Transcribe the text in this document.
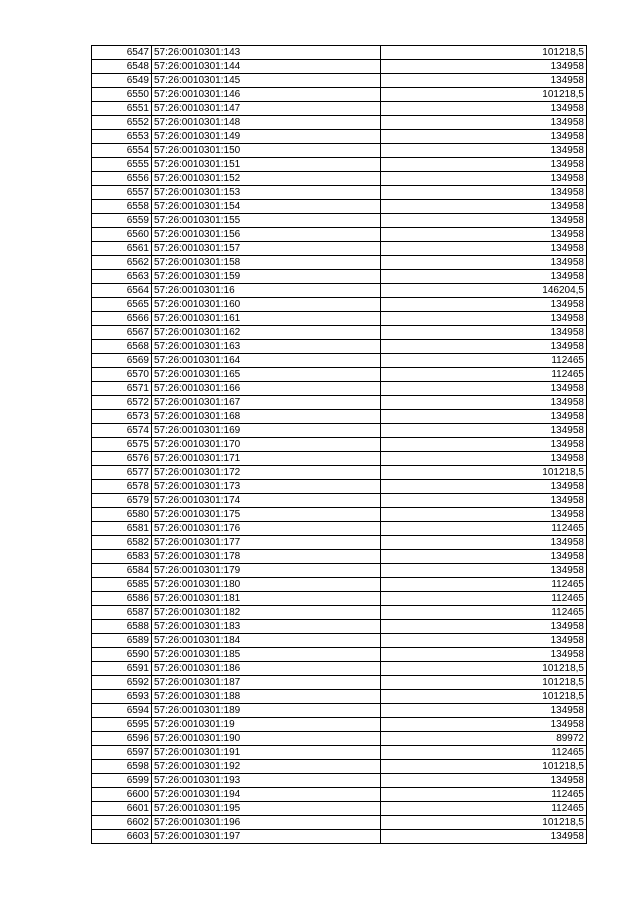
6547	57:26:0010301:143	101218,5
6548	57:26:0010301:144	134958
6549	57:26:0010301:145	134958
6550	57:26:0010301:146	101218,5
6551	57:26:0010301:147	134958
6552	57:26:0010301:148	134958
6553	57:26:0010301:149	134958
6554	57:26:0010301:150	134958
6555	57:26:0010301:151	134958
6556	57:26:0010301:152	134958
6557	57:26:0010301:153	134958
6558	57:26:0010301:154	134958
6559	57:26:0010301:155	134958
6560	57:26:0010301:156	134958
6561	57:26:0010301:157	134958
6562	57:26:0010301:158	134958
6563	57:26:0010301:159	134958
6564	57:26:0010301:16	146204,5
6565	57:26:0010301:160	134958
6566	57:26:0010301:161	134958
6567	57:26:0010301:162	134958
6568	57:26:0010301:163	134958
6569	57:26:0010301:164	112465
6570	57:26:0010301:165	112465
6571	57:26:0010301:166	134958
6572	57:26:0010301:167	134958
6573	57:26:0010301:168	134958
6574	57:26:0010301:169	134958
6575	57:26:0010301:170	134958
6576	57:26:0010301:171	134958
6577	57:26:0010301:172	101218,5
6578	57:26:0010301:173	134958
6579	57:26:0010301:174	134958
6580	57:26:0010301:175	134958
6581	57:26:0010301:176	112465
6582	57:26:0010301:177	134958
6583	57:26:0010301:178	134958
6584	57:26:0010301:179	134958
6585	57:26:0010301:180	112465
6586	57:26:0010301:181	112465
6587	57:26:0010301:182	112465
6588	57:26:0010301:183	134958
6589	57:26:0010301:184	134958
6590	57:26:0010301:185	134958
6591	57:26:0010301:186	101218,5
6592	57:26:0010301:187	101218,5
6593	57:26:0010301:188	101218,5
6594	57:26:0010301:189	134958
6595	57:26:0010301:19	134958
6596	57:26:0010301:190	89972
6597	57:26:0010301:191	112465
6598	57:26:0010301:192	101218,5
6599	57:26:0010301:193	134958
6600	57:26:0010301:194	112465
6601	57:26:0010301:195	112465
6602	57:26:0010301:196	101218,5
6603	57:26:0010301:197	134958
